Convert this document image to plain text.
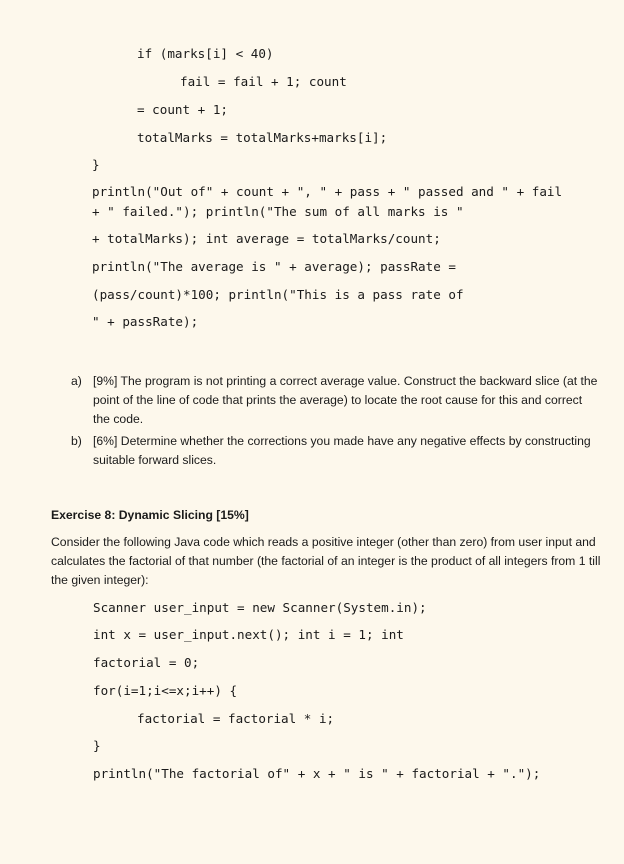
if (marks[i] < 40)
fail = fail + 1; count
= count + 1;
totalMarks = totalMarks+marks[i];
}
println("Out of" + count + ", " + pass + " passed and " + fail
+ " failed."); println("The sum of all marks is "
+ totalMarks); int average = totalMarks/count;
println("The average is " + average); passRate =
(pass/count)*100; println("This is a pass rate of
" + passRate);
a) [9%] The program is not printing a correct average value. Construct the backward slice (at the point of the line of code that prints the average) to locate the root cause for this and correct the code.
b) [6%] Determine whether the corrections you made have any negative effects by constructing suitable forward slices.
Exercise 8: Dynamic Slicing [15%]
Consider the following Java code which reads a positive integer (other than zero) from user input and calculates the factorial of that number (the factorial of an integer is the product of all integers from 1 till the given integer):
Scanner user_input = new Scanner(System.in);
int x = user_input.next(); int i = 1; int
factorial = 0;
for(i=1;i<=x;i++) {
factorial = factorial * i;
}
println("The factorial of" + x + " is " + factorial + ".");
